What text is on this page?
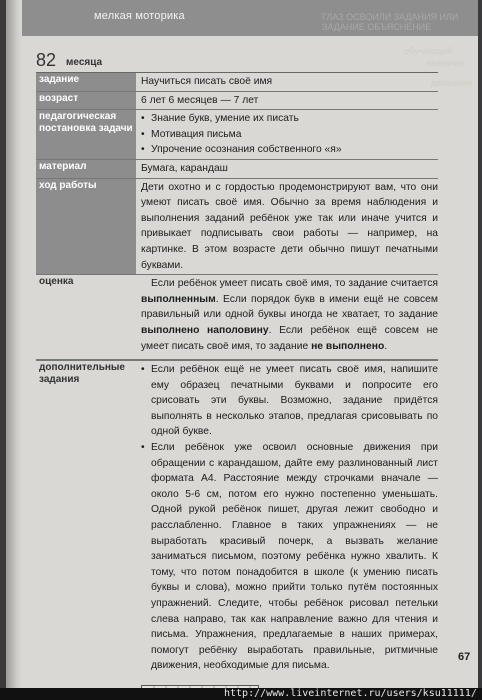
мелкая моторика	ГЛАЗ ОСВОИЛИ ЗАДАНИЯ ИЛИ ЗАДАНИЕ ОБЪЯСНЕНИЕ
обучающий
название
движения
82 месяца
задание	Научиться писать своё имя
возраст	6 лет 6 месяцев — 7 лет
педагогическая постановка задачи
• Знание букв, умение их писать
• Мотивация письма
• Упрочение осознания собственного «я»
материал	Бумага, карандаш
ход работы	Дети охотно и с гордостью продемонстрируют вам, что они умеют писать своё имя. Обычно за время наблюдения и выполнения заданий ребёнок уже так или иначе учится и привыкает подписывать свои работы — например, на картинке. В этом возрасте дети обычно пишут печатными буквами.
оценка	Если ребёнок умеет писать своё имя, то задание считается выполненным. Если порядок букв в имени ещё не совсем правильный или одной буквы иногда не хватает, то задание выполнено наполовину. Если ребёнок ещё совсем не умеет писать своё имя, то задание не выполнено.

дополнительные задания
• Если ребёнок ещё не умеет писать своё имя, напишите ему образец печатными буквами и попросите его срисовать эти буквы. Возможно, задание придётся выполнять в несколько этапов, предлагая срисовывать по одной букве.
• Если ребёнок уже освоил основные движения при обращении с карандашом, дайте ему разлинованный лист формата А4. Расстояние между строчками вначале — около 5-6 см, потом его нужно постепенно уменьшать. Одной рукой ребёнок пишет, другая лежит свободно и расслабленно. Главное в таких упражнениях — не выработать красивый почерк, а вызвать желание заниматься письмом, поэтому ребёнка нужно хвалить. К тому, что потом понадобится в школе (к умению писать буквы и слова), можно прийти только путём постоянных упражнений. Следите, чтобы ребёнок рисовал петельки слева направо, так как направление важно для чтения и письма. Упражнения, предлагаемые в наших примерах, помогут ребёнку выработать правильные, ритмичные движения, необходимые для письма.
67
http://www.liveinternet.ru/users/ksu11111/
